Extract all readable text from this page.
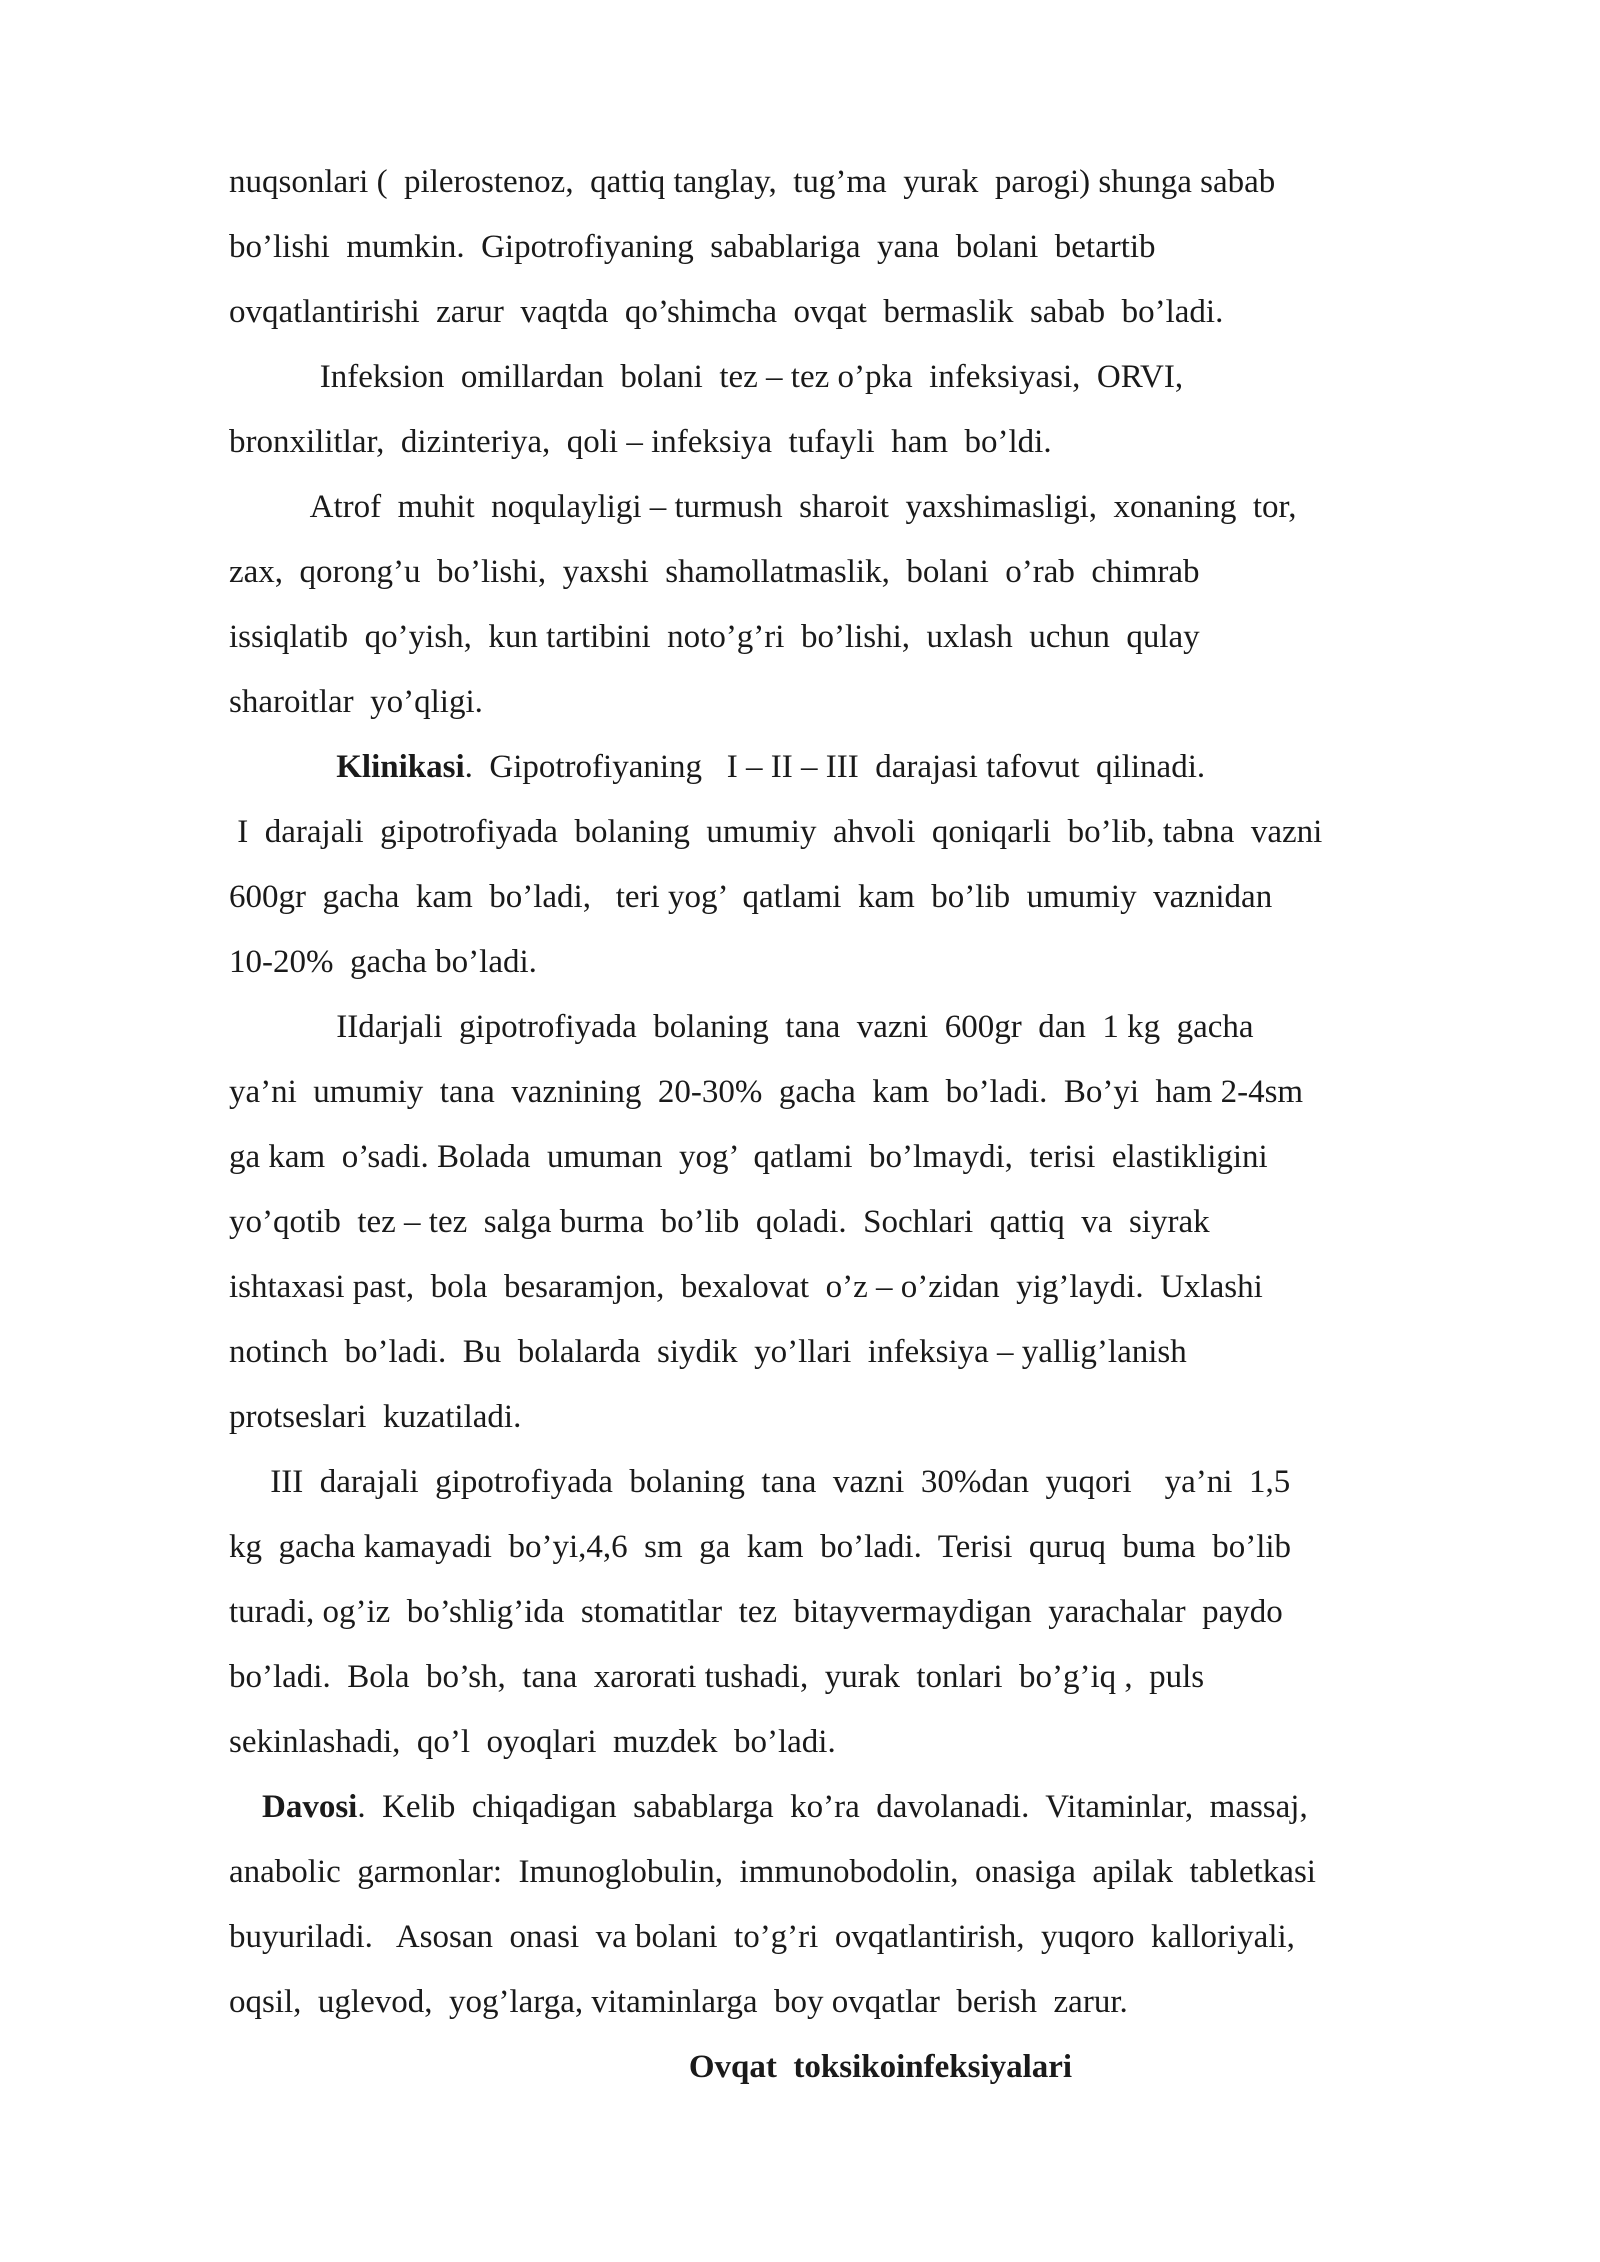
nuqsonlari (  pilerostenoz,  qattiq tanglay,  tug’ma  yurak  parogi) shunga sabab
bo’lishi  mumkin.  Gipotrofiyaning  sabablariga  yana  bolani  betartib
ovqatlantirishi  zarur  vaqtda  qo’shimcha  ovqat  bermaslik  sabab  bo’ladi.
Infeksion  omillardan  bolani  tez – tez o’pka  infeksiyasi,  ORVI,
bronxilitlar,  dizinteriya,  qoli – infeksiya  tufayli  ham  bo’ldi.
Atrof  muhit  noqulayligi – turmush  sharoit  yaxshimasligi,  xonaning  tor,
zax,  qorong’u  bo’lishi,  yaxshi  shamollatmaslik,  bolani  o’rab  chimrab
issiqlatib  qo’yish,  kun tartibini  noto’g’ri  bo’lishi,  uxlash  uchun  qulay
sharoitlar  yo’qligi.
Klinikasi.  Gipotrofiyaning   I – II – III  darajasi tafovut  qilinadi.
I  darajali  gipotrofiyada  bolaning  umumiy  ahvoli  qoniqarli  bo’lib, tabna  vazni
600gr  gacha  kam  bo’ladi,   teri yog’  qatlami  kam  bo’lib  umumiy  vaznidan
10-20%  gacha bo’ladi.
IIdarjali  gipotrofiyada  bolaning  tana  vazni  600gr  dan  1 kg  gacha
ya’ni  umumiy  tana  vaznining  20-30%  gacha  kam  bo’ladi.  Bo’yi  ham 2-4sm
ga kam  o’sadi. Bolada  umuman  yog’  qatlami  bo’lmaydi,  terisi  elastikligini
yo’qotib  tez – tez  salga burma  bo’lib  qoladi.  Sochlari  qattiq  va  siyrak
ishtaxasi past,  bola  besaramjon,  bexalovat  o’z – o’zidan  yig’laydi.  Uxlashi
notinch  bo’ladi.  Bu  bolalarda  siydik  yo’llari  infeksiya – yallig’lanish
protseslari  kuzatiladi.
III  darajali  gipotrofiyada  bolaning  tana  vazni  30%dan  yuqori    ya’ni  1,5
kg  gacha kamayadi  bo’yi,4,6  sm  ga  kam  bo’ladi.  Terisi  quruq  buma  bo’lib
turadi, og’iz  bo’shlig’ida  stomatitlar  tez  bitayvermaydigan  yarachalar  paydo
bo’ladi.  Bola  bo’sh,  tana  xarorati tushadi,  yurak  tonlari  bo’g’iq ,  puls
sekinlashadi,  qo’l  oyoqlari  muzdek  bo’ladi.
Davosi.  Kelib  chiqadigan  sabablarga  ko’ra  davolanadi.  Vitaminlar,  massaj,
anabolic  garmonlar:  Imunoglobulin,  immunobodolin,  onasiga  apilak  tabletkasi
buyuriladi.   Asosan  onasi  va bolani  to’g’ri  ovqatlantirish,  yuqoro  kalloriyali,
oqsil,  uglevod,  yog’larga, vitaminlarga  boy ovqatlar  berish  zarur.
Ovqat  toksikoinfeksiyalari
